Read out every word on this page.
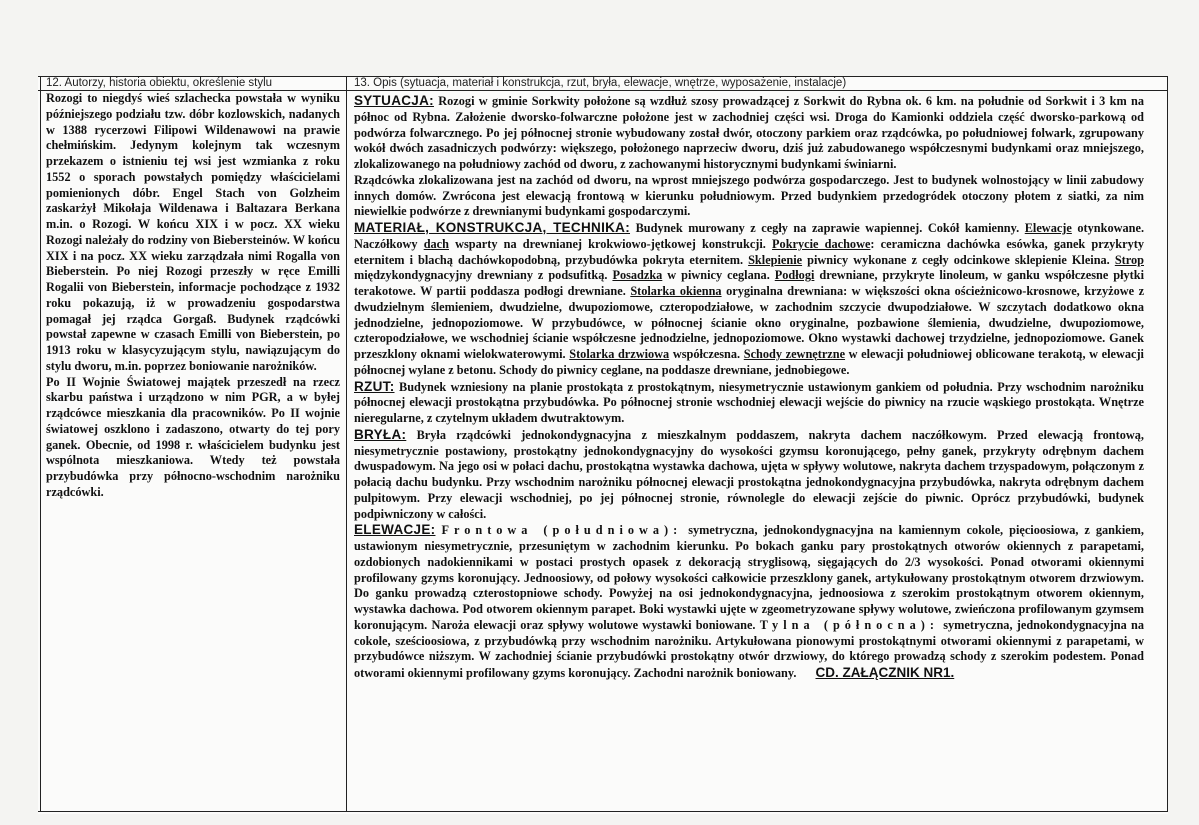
12. Autorzy, historia obiektu, określenie stylu	13. Opis (sytuacja, materiał i konstrukcja, rzut, bryła, elewacje, wnętrze, wyposażenie, instalacje)

Rozogi to niegdyś wieś szlachecka powstała w wyniku późniejszego podziału tzw. dóbr kozlowskich, nadanych w 1388 rycerzowi Filipowi Wildenawowi na prawie chełmińskim. Jedynym kolejnym tak wczesnym przekazem o istnieniu tej wsi jest wzmianka z roku 1552 o sporach powstałych pomiędzy właścicielami pomienionych dóbr. Engel Stach von Golzheim zaskarżył Mikołaja Wildenawa i Baltazara Berkana m.in. o Rozogi. W końcu XIX i w pocz. XX wieku Rozogi należały do rodziny von Biebersteinów. W końcu XIX i na pocz. XX wieku zarządzała nimi Rogalla von Bieberstein. Po niej Rozogi przeszły w ręce Emilli Rogalii von Bieberstein, informacje pochodzące z 1932 roku pokazują, iż w prowadzeniu gospodarstwa pomagał jej rządca Gorgaß. Budynek rządcówki powstał zapewne w czasach Emilli von Bieberstein, po 1913 roku w klasycyzującym stylu, nawiązującym do stylu dworu, m.in. poprzez boniowanie narożników.

Po II Wojnie Światowej majątek przeszedł na rzecz skarbu państwa i urządzono w nim PGR, a w byłej rządcówce mieszkania dla pracowników. Po II wojnie światowej oszklono i zadaszono, otwarty do tej pory ganek. Obecnie, od 1998 r. właścicielem budynku jest wspólnota mieszkaniowa. Wtedy też powstała przybudówka przy północno-wschodnim narożniku rządcówki.

SYTUACJA: Rozogi w gminie Sorkwity położone są wzdłuż szosy prowadzącej z Sorkwit do Rybna ok. 6 km. na południe od Sorkwit i 3 km na północ od Rybna. Założenie dworsko-folwarczne położone jest w zachodniej części wsi. Droga do Kamionki oddziela część dworsko-parkową od podwórza folwarcznego. Po jej północnej stronie wybudowany został dwór, otoczony parkiem oraz rządcówka, po południowej folwark, zgrupowany wokół dwóch zasadniczych podwórzy: większego, położonego naprzeciw dworu, dziś już zabudowanego współczesnymi budynkami oraz mniejszego, zlokalizowanego na południowy zachód od dworu, z zachowanymi historycznymi budynkami świniarni.

Rządcówka zlokalizowana jest na zachód od dworu, na wprost mniejszego podwórza gospodarczego. Jest to budynek wolnostojący w linii zabudowy innych domów. Zwrócona jest elewacją frontową w kierunku południowym. Przed budynkiem przedogródek otoczony płotem z siatki, za nim niewielkie podwórze z drewnianymi budynkami gospodarczymi.

MATERIAŁ, KONSTRUKCJA, TECHNIKA: Budynek murowany z cegły na zaprawie wapiennej. Cokół kamienny. Elewacje otynkowane. Naczółkowy dach wsparty na drewnianej krokwiowo-jętkowej konstrukcji. Pokrycie dachowe: ceramiczna dachówka esówka, ganek przykryty eternitem i blachą dachówkopodobną, przybudówka pokryta eternitem. Sklepienie piwnicy wykonane z cegły odcinkowe sklepienie Kleina. Strop międzykondygnacyjny drewniany z podsufitką. Posadzka w piwnicy ceglana. Podłogi drewniane, przykryte linoleum, w ganku współczesne płytki terakotowe. W partii poddasza podłogi drewniane. Stolarka okienna oryginalna drewniana: w większości okna ościeżnicowo-krosnowe, krzyżowe z dwudzielnym ślemieniem, dwudzielne, dwupoziomowe, czteropodziałowe, w zachodnim szczycie dwupodziałowe. W szczytach dodatkowo okna jednodzielne, jednopoziomowe. W przybudówce, w północnej ścianie okno oryginalne, pozbawione ślemienia, dwudzielne, dwupoziomowe, czteropodziałowe, we wschodniej ścianie współczesne jednodzielne, jednopoziomowe. Okno wystawki dachowej trzydzielne, jednopoziomowe. Ganek przeszklony oknami wielokwaterowymi. Stolarka drzwiowa współczesna. Schody zewnętrzne w elewacji południowej oblicowane terakotą, w elewacji północnej wylane z betonu. Schody do piwnicy ceglane, na poddasze drewniane, jednobiegowe.

RZUT: Budynek wzniesiony na planie prostokąta z prostokątnym, niesymetrycznie ustawionym gankiem od południa. Przy wschodnim narożniku północnej elewacji prostokątna przybudówka. Po północnej stronie wschodniej elewacji wejście do piwnicy na rzucie wąskiego prostokąta. Wnętrze nieregularne, z czytelnym układem dwutraktowym.

BRYŁA: Bryła rządcówki jednokondygnacyjna z mieszkalnym poddaszem, nakryta dachem naczółkowym. Przed elewacją frontową, niesymetrycznie postawiony, prostokątny jednokondygnacyjny do wysokości gzymsu koronującego, pełny ganek, przykryty odrębnym dachem dwuspadowym. Na jego osi w połaci dachu, prostokątna wystawka dachowa, ujęta w spływy wolutowe, nakryta dachem trzyspadowym, połączonym z połacią dachu budynku. Przy wschodnim narożniku północnej elewacji prostokątna jednokondygnacyjna przybudówka, nakryta odrębnym dachem pulpitowym. Przy elewacji wschodniej, po jej północnej stronie, równolegle do elewacji zejście do piwnic. Oprócz przybudówki, budynek podpiwniczony w całości.

ELEWACJE: Frontowa (południowa): symetryczna, jednokondygnacyjna na kamiennym cokole, pięcioosiowa, z gankiem, ustawionym niesymetrycznie, przesuniętym w zachodnim kierunku. Po bokach ganku pary prostokątnych otworów okiennych z parapetami, ozdobionych nadokiennikami w postaci prostych opasek z dekoracją stryglisową, sięgających do 2/3 wysokości. Ponad otworami okiennymi profilowany gzyms koronujący. Jednoosiowy, od połowy wysokości całkowicie przeszklony ganek, artykułowany prostokątnym otworem drzwiowym. Do ganku prowadzą czterostopniowe schody. Powyżej na osi jednokondygnacyjna, jednoosiowa z szerokim prostokątnym otworem okiennym, wystawka dachowa. Pod otworem okiennym parapet. Boki wystawki ujęte w zgeometryzowane spływy wolutowe, zwieńczona profilowanym gzymsem koronującym. Naroża elewacji oraz spływy wolutowe wystawki boniowane. Tylna (północna): symetryczna, jednokondygnacyjna na cokole, sześcioosiowa, z przybudówką przy wschodnim narożniku. Artykułowana pionowymi prostokątnymi otworami okiennymi z parapetami, w przybudówce niższym. W zachodniej ścianie przybudówki prostokątny otwór drzwiowy, do którego prowadzą schody z szerokim podestem. Ponad otworami okiennymi profilowany gzyms koronujący. Zachodni narożnik boniowany. CD. ZAŁĄCZNIK NR1.
